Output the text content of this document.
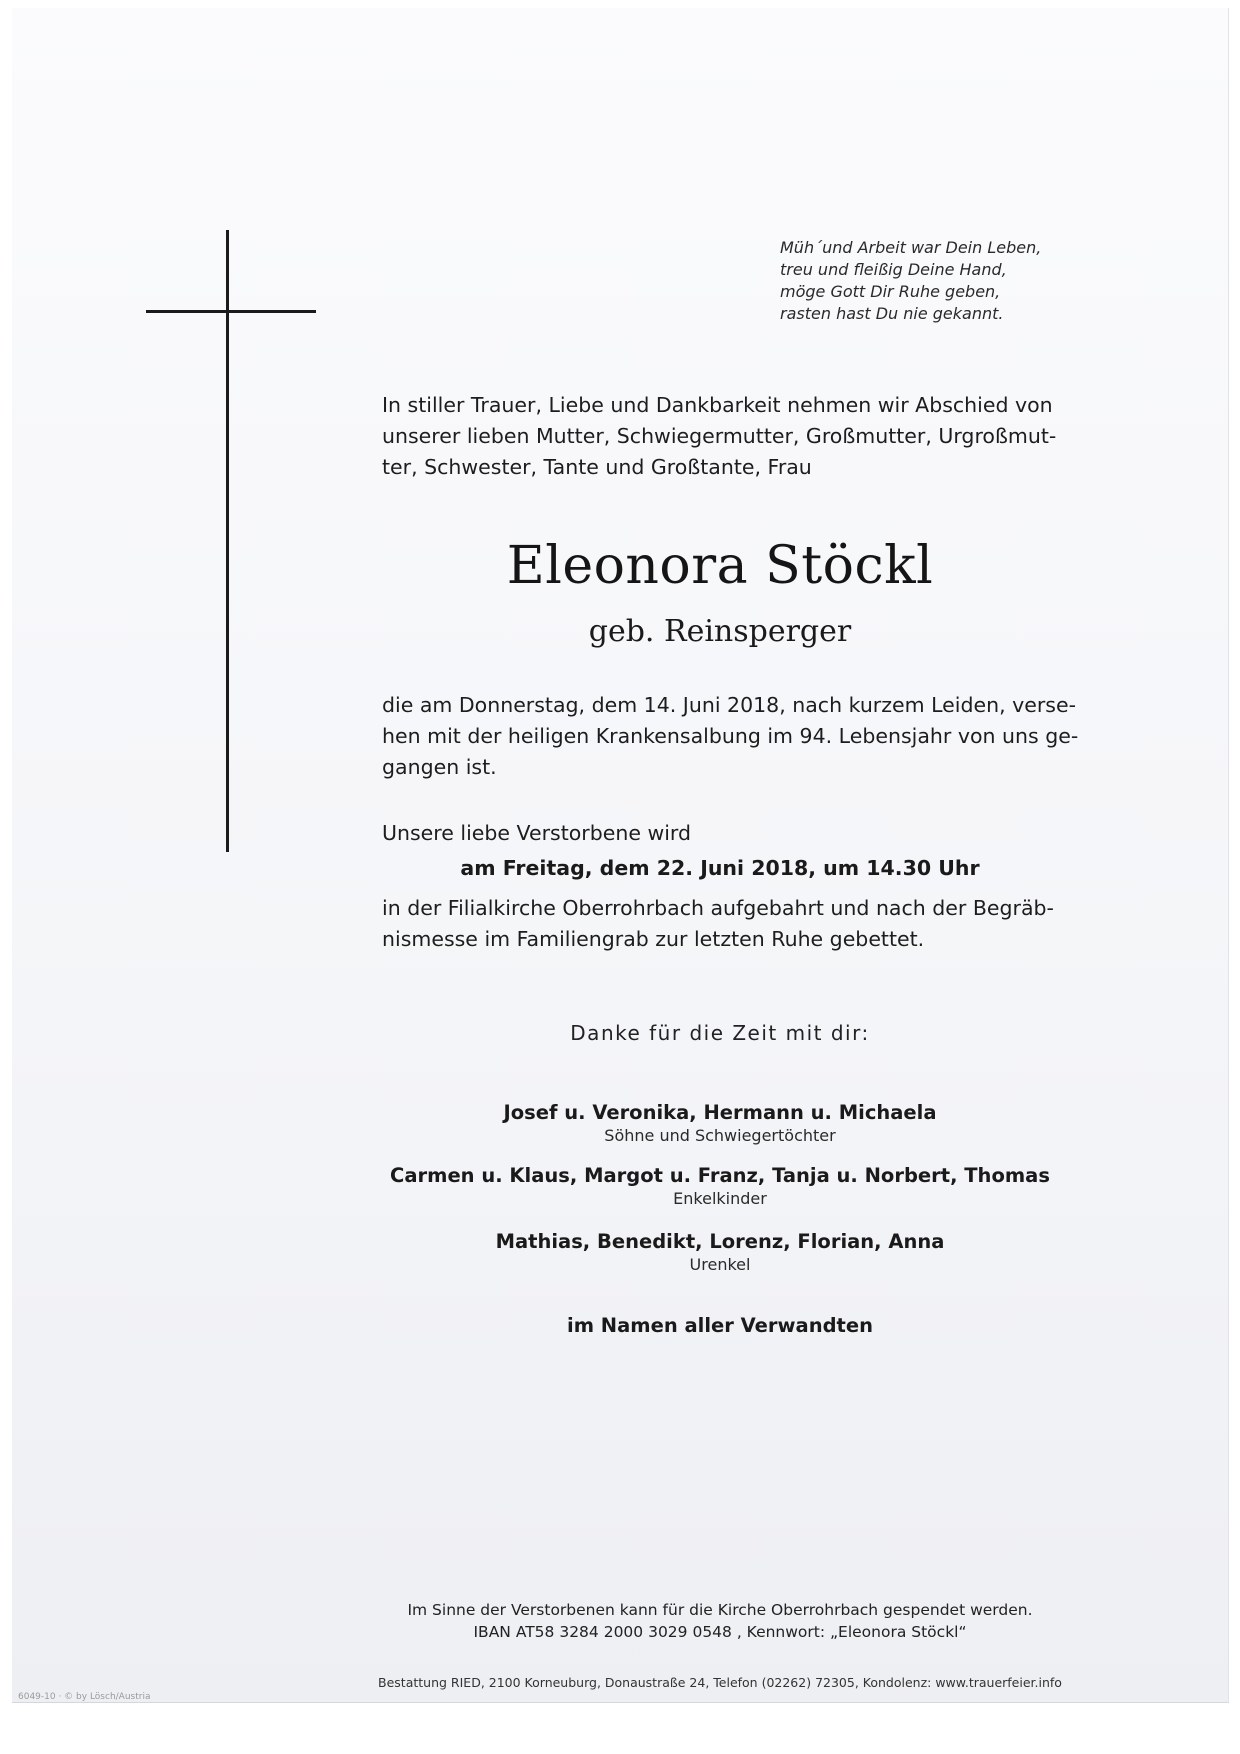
Müh´und Arbeit war Dein Leben,
treu und fleißig Deine Hand,
möge Gott Dir Ruhe geben,
rasten hast Du nie gekannt.
In stiller Trauer, Liebe und Dankbarkeit nehmen wir Abschied von
unserer lieben Mutter, Schwiegermutter, Großmutter, Urgroßmut-
ter, Schwester, Tante und Großtante, Frau
Eleonora Stöckl
geb. Reinsperger
die am Donnerstag, dem 14. Juni 2018, nach kurzem Leiden, verse-
hen mit der heiligen Krankensalbung im 94. Lebensjahr von uns ge-
gangen ist.
Unsere liebe Verstorbene wird
am Freitag, dem 22. Juni 2018, um 14.30 Uhr
in der Filialkirche Oberrohrbach aufgebahrt und nach der Begräb-
nismesse im Familiengrab zur letzten Ruhe gebettet.
Danke für die Zeit mit dir:
Josef u. Veronika, Hermann u. Michaela
Söhne und Schwiegertöchter
Carmen u. Klaus, Margot u. Franz, Tanja u. Norbert, Thomas
Enkelkinder
Mathias, Benedikt, Lorenz, Florian, Anna
Urenkel
im Namen aller Verwandten
Im Sinne der Verstorbenen kann für die Kirche Oberrohrbach gespendet werden.
IBAN AT58 3284 2000 3029 0548 , Kennwort: „Eleonora Stöckl“
Bestattung RIED, 2100 Korneuburg, Donaustraße 24, Telefon (02262) 72305, Kondolenz: www.trauerfeier.info
6049-10 · © by Lösch/Austria
